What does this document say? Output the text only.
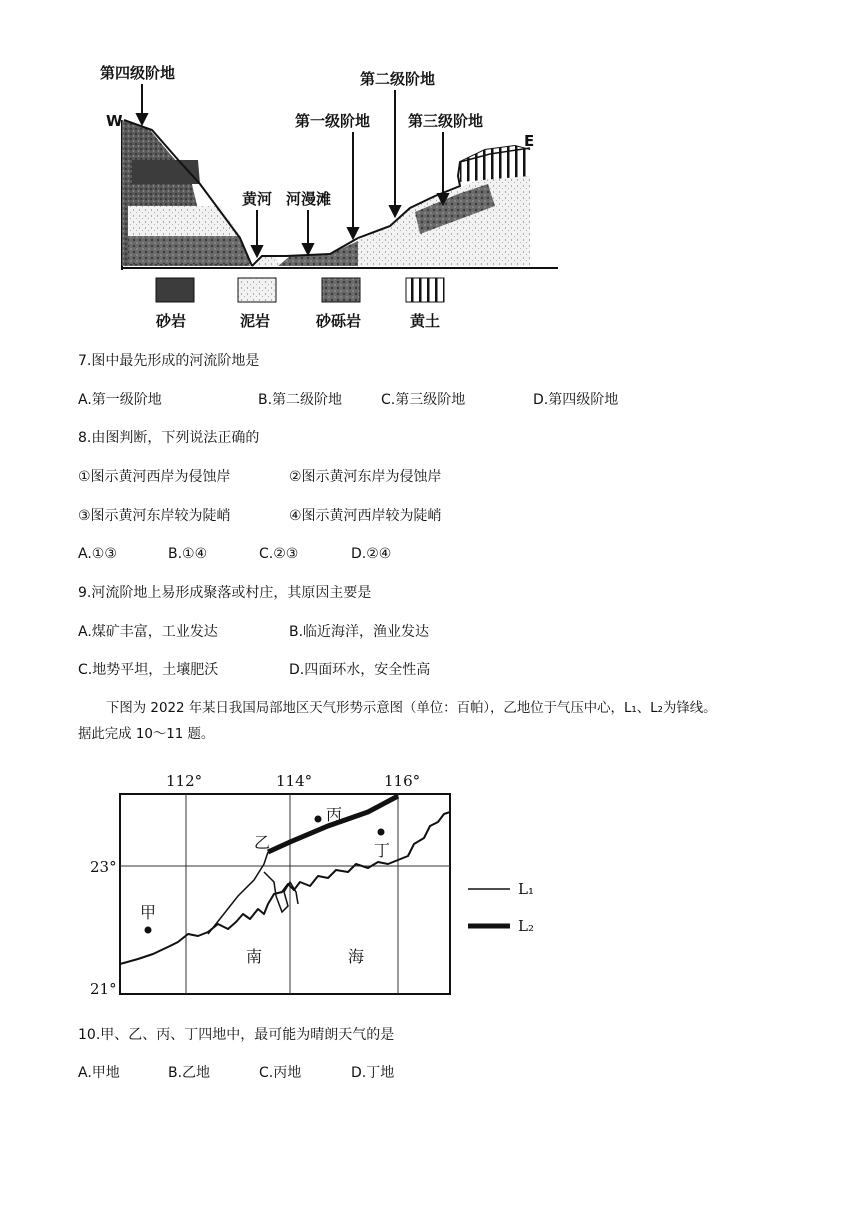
第四级阶地	第二级阶地
第一级阶地	第三级阶地
黄河 河漫滩
W
E
砂岩	泥岩	砂砾岩	黄土
7.图中最先形成的河流阶地是
A.第一级阶地	B.第二级阶地	C.第三级阶地	D.第四级阶地
8.由图判断，下列说法正确的
①图示黄河西岸为侵蚀岸	②图示黄河东岸为侵蚀岸
③图示黄河东岸较为陡峭	④图示黄河西岸较为陡峭
A.①③	B.①④	C.②③	D.②④
9.河流阶地上易形成聚落或村庄，其原因主要是
A.煤矿丰富，工业发达	B.临近海洋，渔业发达
C.地势平坦，土壤肥沃	D.四面环水，安全性高
下图为 2022 年某日我国局部地区天气形势示意图（单位：百帕），乙地位于气压中心，L₁、L₂为锋线。
据此完成 10～11 题。
112°	114°	116°
23°
21°
甲
乙
丙
丁
南	海
L₁
L₂
10.甲、乙、丙、丁四地中，最可能为晴朗天气的是
A.甲地	B.乙地	C.丙地	D.丁地
